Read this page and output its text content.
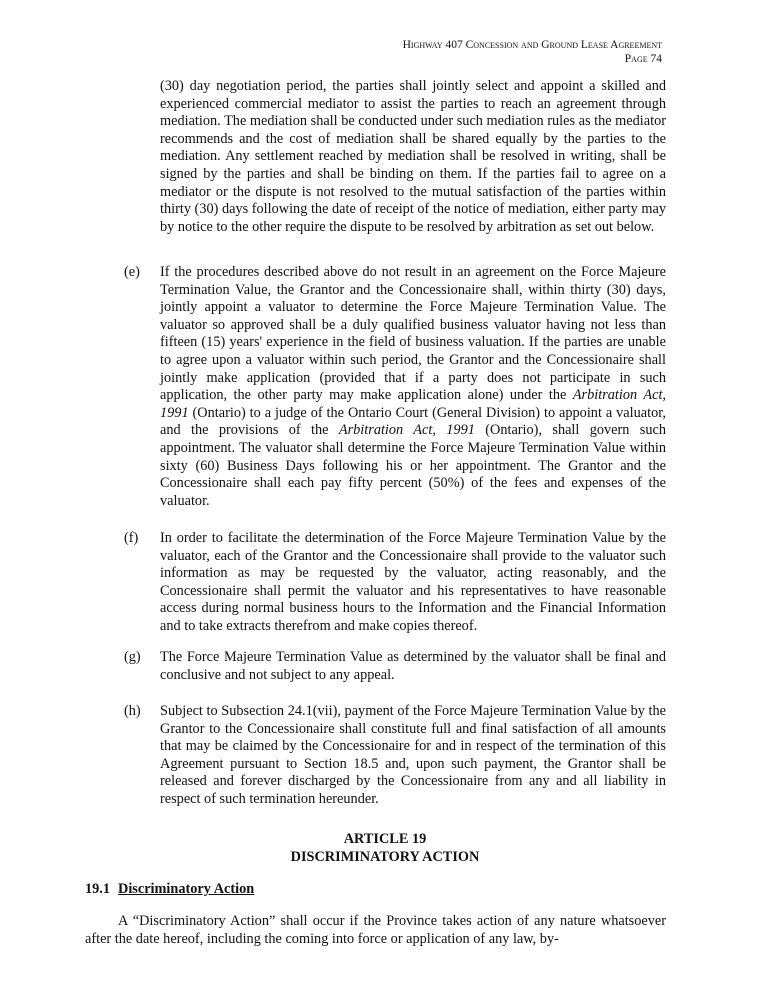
Highway 407 Concession and Ground Lease Agreement
Page 74

(30) day negotiation period, the parties shall jointly select and appoint a skilled and experienced commercial mediator to assist the parties to reach an agreement through mediation. The mediation shall be conducted under such mediation rules as the mediator recommends and the cost of mediation shall be shared equally by the parties to the mediation. Any settlement reached by mediation shall be resolved in writing, shall be signed by the parties and shall be binding on them. If the parties fail to agree on a mediator or the dispute is not resolved to the mutual satisfaction of the parties within thirty (30) days following the date of receipt of the notice of mediation, either party may by notice to the other require the dispute to be resolved by arbitration as set out below.

(e) If the procedures described above do not result in an agreement on the Force Majeure Termination Value, the Grantor and the Concessionaire shall, within thirty (30) days, jointly appoint a valuator to determine the Force Majeure Termination Value. The valuator so approved shall be a duly qualified business valuator having not less than fifteen (15) years' experience in the field of business valuation. If the parties are unable to agree upon a valuator within such period, the Grantor and the Concessionaire shall jointly make application (provided that if a party does not participate in such application, the other party may make application alone) under the Arbitration Act, 1991 (Ontario) to a judge of the Ontario Court (General Division) to appoint a valuator, and the provisions of the Arbitration Act, 1991 (Ontario), shall govern such appointment. The valuator shall determine the Force Majeure Termination Value within sixty (60) Business Days following his or her appointment. The Grantor and the Concessionaire shall each pay fifty percent (50%) of the fees and expenses of the valuator.

(f) In order to facilitate the determination of the Force Majeure Termination Value by the valuator, each of the Grantor and the Concessionaire shall provide to the valuator such information as may be requested by the valuator, acting reasonably, and the Concessionaire shall permit the valuator and his representatives to have reasonable access during normal business hours to the Information and the Financial Information and to take extracts therefrom and make copies thereof.

(g) The Force Majeure Termination Value as determined by the valuator shall be final and conclusive and not subject to any appeal.

(h) Subject to Subsection 24.1(vii), payment of the Force Majeure Termination Value by the Grantor to the Concessionaire shall constitute full and final satisfaction of all amounts that may be claimed by the Concessionaire for and in respect of the termination of this Agreement pursuant to Section 18.5 and, upon such payment, the Grantor shall be released and forever discharged by the Concessionaire from any and all liability in respect of such termination hereunder.

ARTICLE 19
DISCRIMINATORY ACTION
19.1 Discriminatory Action

A “Discriminatory Action” shall occur if the Province takes action of any nature whatsoever after the date hereof, including the coming into force or application of any law, by-
